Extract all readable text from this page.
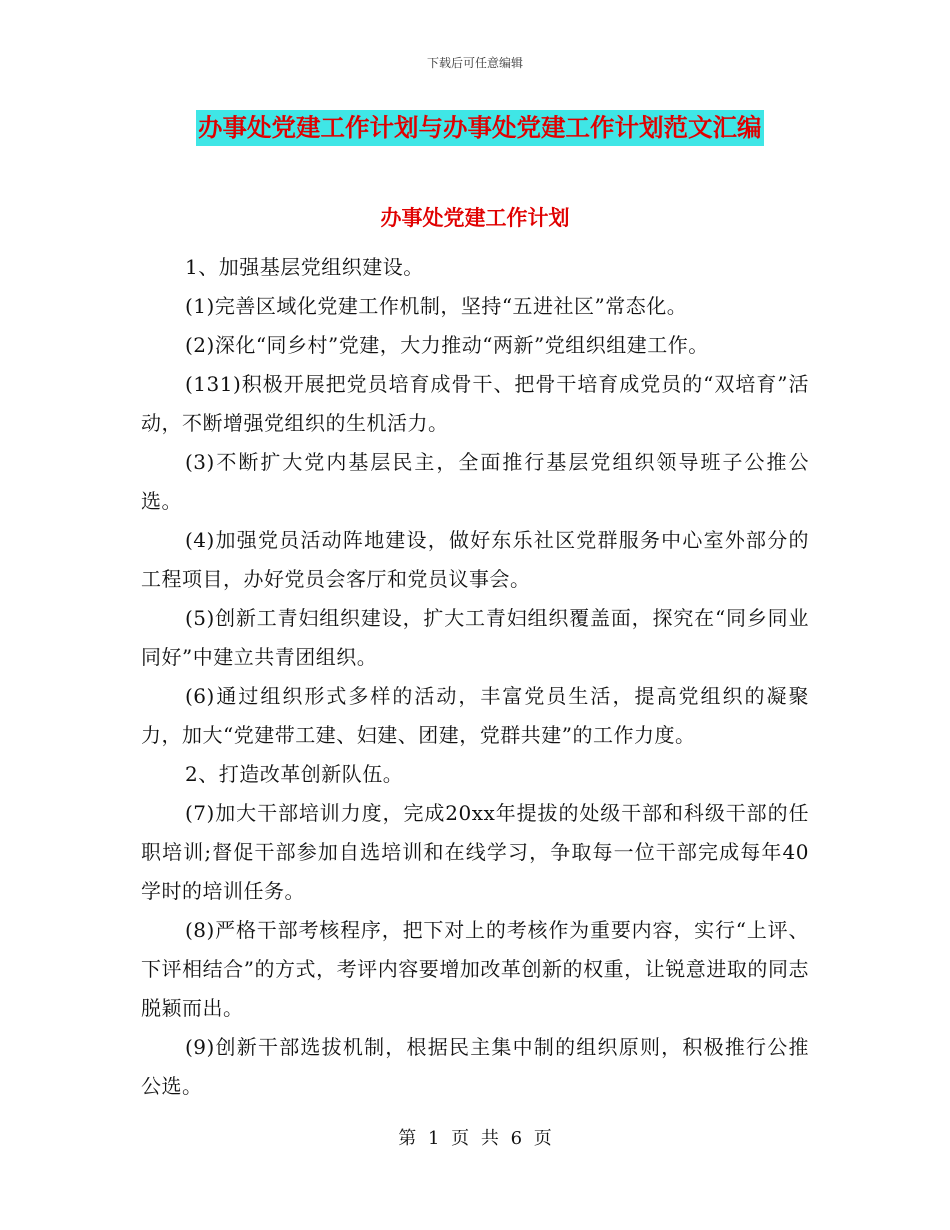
下载后可任意编辑
办事处党建工作计划与办事处党建工作计划范文汇编
办事处党建工作计划

1、加强基层党组织建设。

(1)完善区域化党建工作机制，坚持“五进社区”常态化。

(2)深化“同乡村”党建，大力推动“两新”党组织组建工作。

(131)积极开展把党员培育成骨干、把骨干培育成党员的“双培育”活动，不断增强党组织的生机活力。

(3)不断扩大党内基层民主，全面推行基层党组织领导班子公推公选。

(4)加强党员活动阵地建设，做好东乐社区党群服务中心室外部分的工程项目，办好党员会客厅和党员议事会。

(5)创新工青妇组织建设，扩大工青妇组织覆盖面，探究在“同乡同业同好”中建立共青团组织。

(6)通过组织形式多样的活动，丰富党员生活，提高党组织的凝聚力，加大“党建带工建、妇建、团建，党群共建”的工作力度。

2、打造改革创新队伍。

(7)加大干部培训力度，完成20xx年提拔的处级干部和科级干部的任职培训;督促干部参加自选培训和在线学习，争取每一位干部完成每年40学时的培训任务。

(8)严格干部考核程序，把下对上的考核作为重要内容，实行“上评、下评相结合”的方式，考评内容要增加改革创新的权重，让锐意进取的同志脱颖而出。

(9)创新干部选拔机制，根据民主集中制的组织原则，积极推行公推公选。

第 1 页 共 6 页
